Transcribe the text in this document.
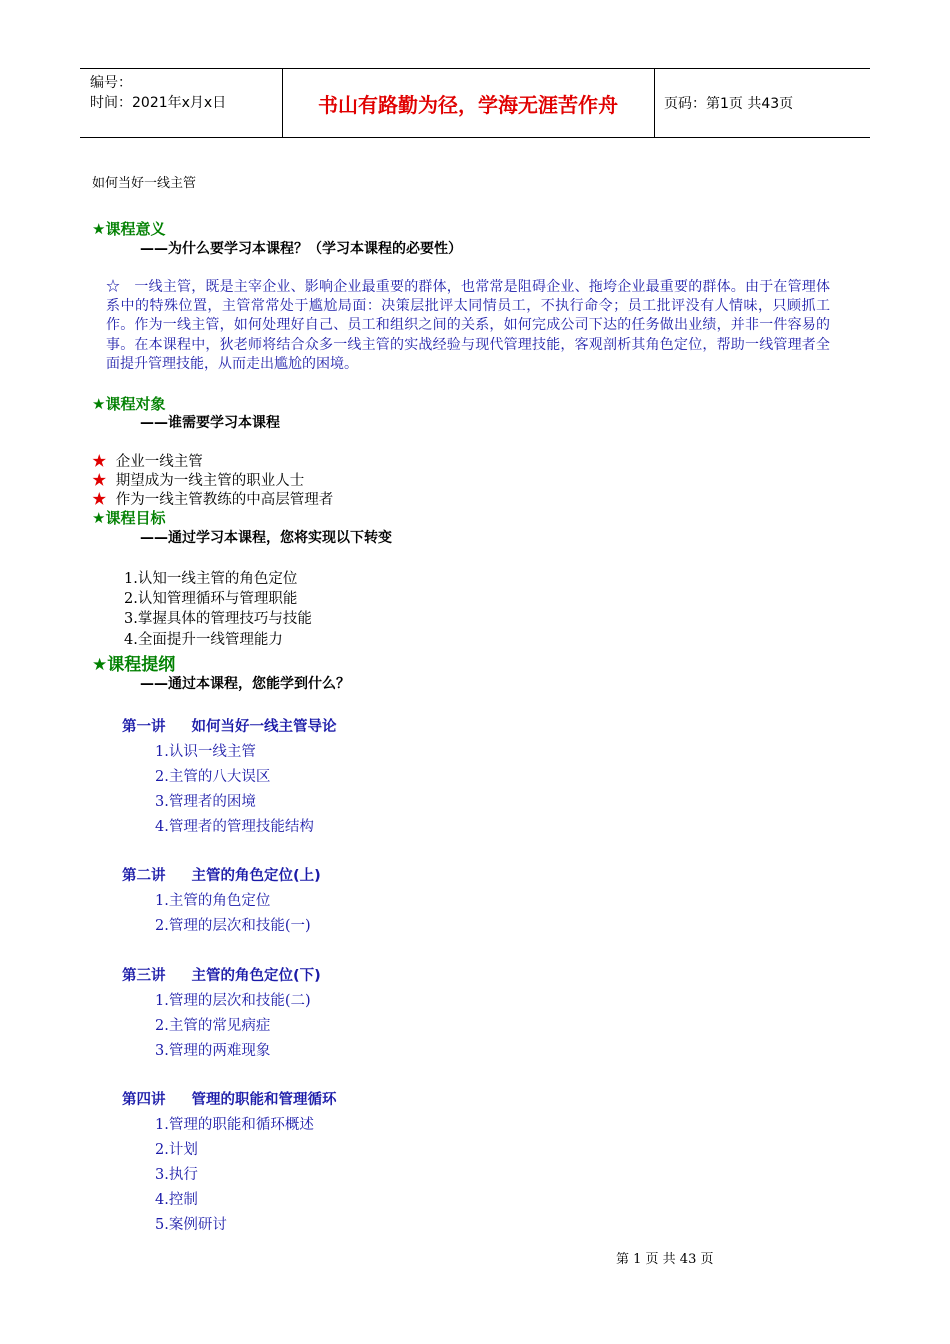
编号：
时间：2021年x月x日	书山有路勤为径，学海无涯苦作舟	页码：第1页 共43页
如何当好一线主管
★课程意义
——为什么要学习本课程？（学习本课程的必要性）
☆　一线主管，既是主宰企业、影响企业最重要的群体，也常常是阻碍企业、拖垮企业最重要的群体。由于在管理体系中的特殊位置，主管常常处于尴尬局面：决策层批评太同情员工，不执行命令；员工批评没有人情味，只顾抓工作。作为一线主管，如何处理好自己、员工和组织之间的关系，如何完成公司下达的任务做出业绩，并非一件容易的事。在本课程中，狄老师将结合众多一线主管的实战经验与现代管理技能，客观剖析其角色定位，帮助一线管理者全面提升管理技能，从而走出尴尬的困境。
★课程对象
——谁需要学习本课程
★ 企业一线主管
★ 期望成为一线主管的职业人士
★ 作为一线主管教练的中高层管理者
★课程目标
——通过学习本课程，您将实现以下转变
1.认知一线主管的角色定位
2.认知管理循环与管理职能
3.掌握具体的管理技巧与技能
4.全面提升一线管理能力
★课程提纲
——通过本课程，您能学到什么？
第一讲 如何当好一线主管导论
1.认识一线主管
2.主管的八大误区
3.管理者的困境
4.管理者的管理技能结构
第二讲 主管的角色定位(上)
1.主管的角色定位
2.管理的层次和技能(一)
第三讲 主管的角色定位(下)
1.管理的层次和技能(二)
2.主管的常见病症
3.管理的两难现象
第四讲 管理的职能和管理循环
1.管理的职能和循环概述
2.计划
3.执行
4.控制
5.案例研讨
第 1 页 共 43 页
